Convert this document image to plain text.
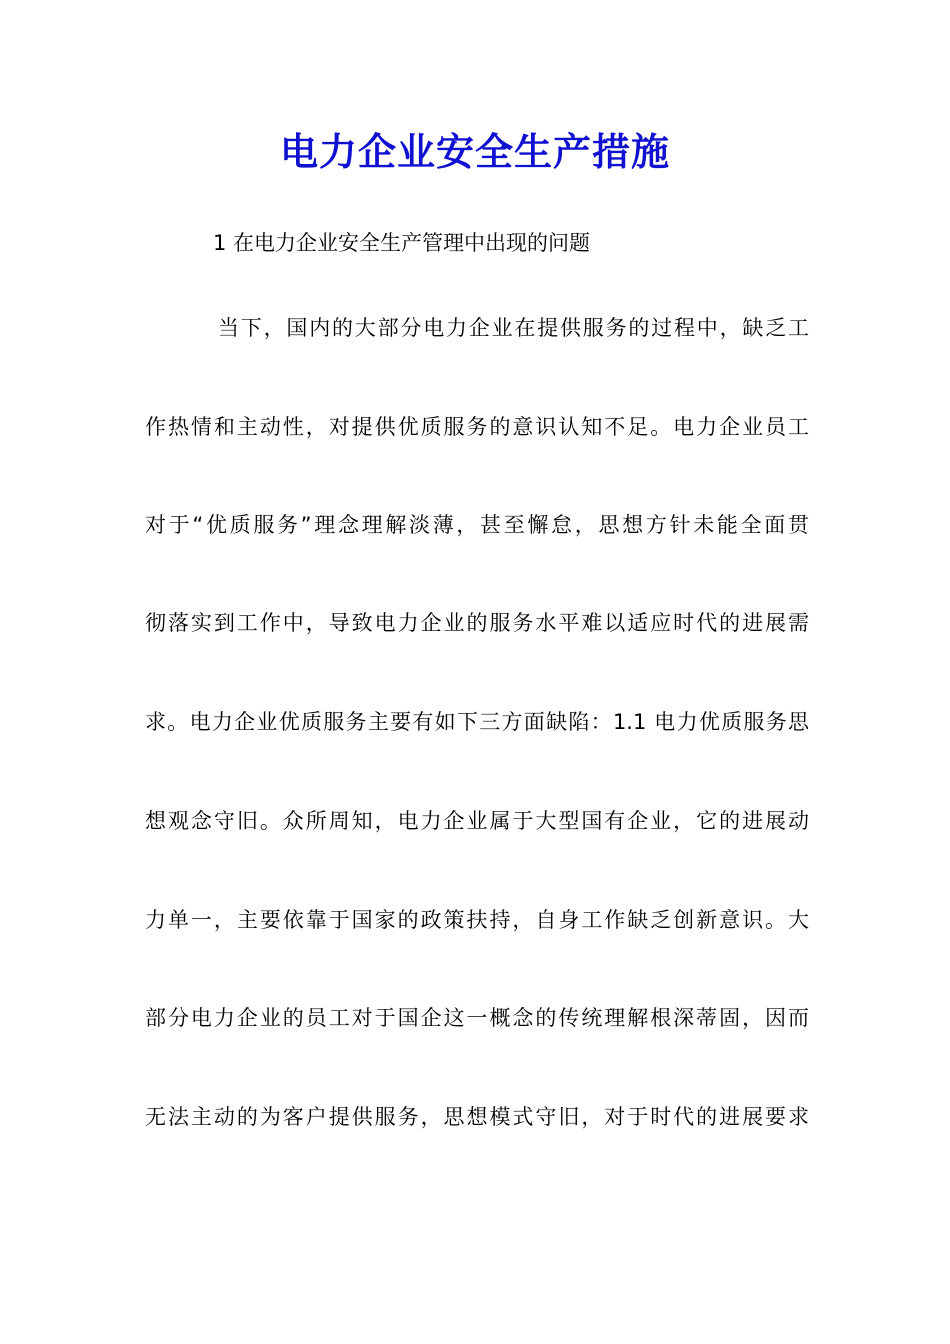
电力企业安全生产措施

1 在电力企业安全生产管理中出现的问题

当下，国内的大部分电力企业在提供服务的过程中，缺乏工
作热情和主动性，对提供优质服务的意识认知不足。电力企业员工
对于“优质服务”理念理解淡薄，甚至懈怠，思想方针未能全面贯
彻落实到工作中，导致电力企业的服务水平难以适应时代的进展需
求。电力企业优质服务主要有如下三方面缺陷：1.1 电力优质服务思
想观念守旧。众所周知，电力企业属于大型国有企业，它的进展动
力单一，主要依靠于国家的政策扶持，自身工作缺乏创新意识。大
部分电力企业的员工对于国企这一概念的传统理解根深蒂固，因而
无法主动的为客户提供服务，思想模式守旧，对于时代的进展要求
